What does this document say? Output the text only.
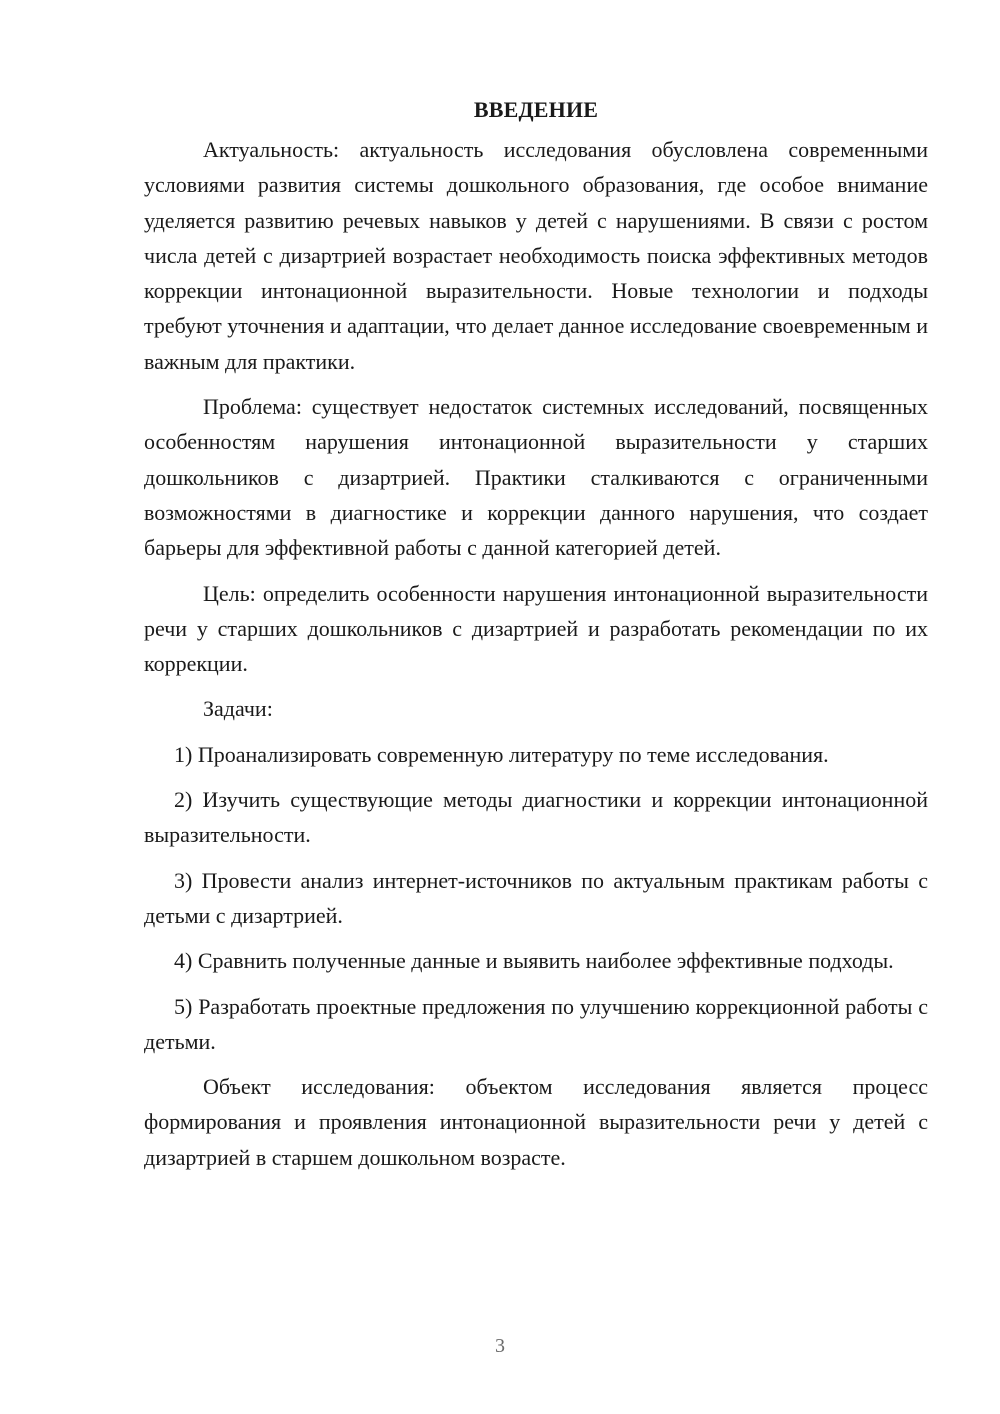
ВВЕДЕНИЕ

Актуальность: актуальность исследования обусловлена современными условиями развития системы дошкольного образования, где особое внимание уделяется развитию речевых навыков у детей с нарушениями. В связи с ростом числа детей с дизартрией возрастает необходимость поиска эффективных методов коррекции интонационной выразительности. Новые технологии и подходы требуют уточнения и адаптации, что делает данное исследование своевременным и важным для практики.

Проблема: существует недостаток системных исследований, посвященных особенностям нарушения интонационной выразительности у старших дошкольников с дизартрией. Практики сталкиваются с ограниченными возможностями в диагностике и коррекции данного нарушения, что создает барьеры для эффективной работы с данной категорией детей.

Цель: определить особенности нарушения интонационной выразительности речи у старших дошкольников с дизартрией и разработать рекомендации по их коррекции.

Задачи:

1) Проанализировать современную литературу по теме исследования.

2) Изучить существующие методы диагностики и коррекции интонационной выразительности.

3) Провести анализ интернет-источников по актуальным практикам работы с детьми с дизартрией.

4) Сравнить полученные данные и выявить наиболее эффективные подходы.

5) Разработать проектные предложения по улучшению коррекционной работы с детьми.

Объект исследования: объектом исследования является процесс формирования и проявления интонационной выразительности речи у детей с дизартрией в старшем дошкольном возрасте.

3
